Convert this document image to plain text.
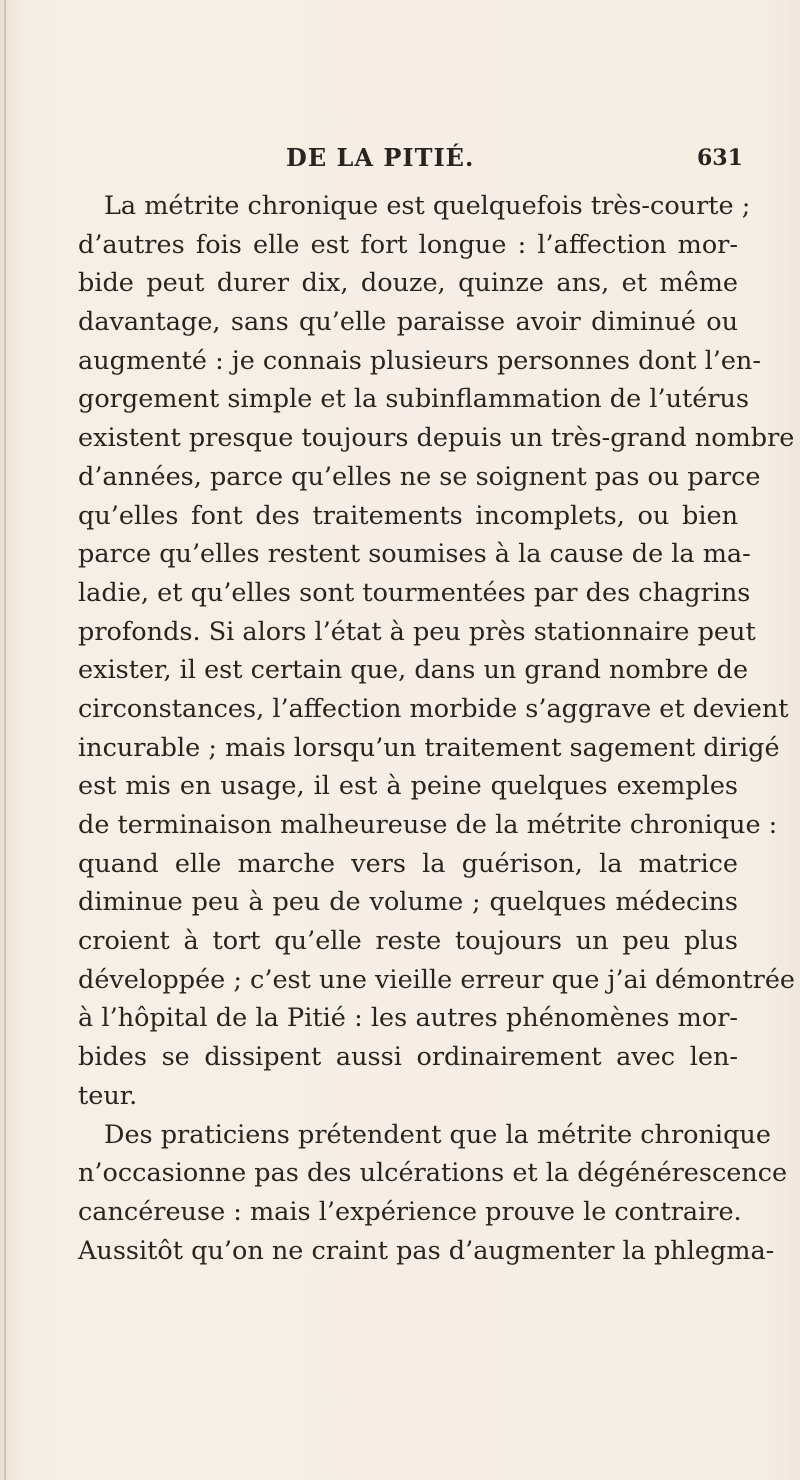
DE LA PITIÉ.	631
La métrite chronique est quelquefois très-courte ;
d’autres fois elle est fort longue : l’affection mor-
bide peut durer dix, douze, quinze ans, et même
davantage, sans qu’elle paraisse avoir diminué ou
augmenté : je connais plusieurs personnes dont l’en-
gorgement simple et la subinflammation de l’utérus
existent presque toujours depuis un très-grand nombre
d’années, parce qu’elles ne se soignent pas ou parce
qu’elles font des traitements incomplets, ou bien
parce qu’elles restent soumises à la cause de la ma-
ladie, et qu’elles sont tourmentées par des chagrins
profonds. Si alors l’état à peu près stationnaire peut
exister, il est certain que, dans un grand nombre de
circonstances, l’affection morbide s’aggrave et devient
incurable ; mais lorsqu’un traitement sagement dirigé
est mis en usage, il est à peine quelques exemples
de terminaison malheureuse de la métrite chronique :
quand elle marche vers la guérison, la matrice
diminue peu à peu de volume ; quelques médecins
croient à tort qu’elle reste toujours un peu plus
développée ; c’est une vieille erreur que j’ai démontrée
à l’hôpital de la Pitié : les autres phénomènes mor-
bides se dissipent aussi ordinairement avec len-
teur.
Des praticiens prétendent que la métrite chronique
n’occasionne pas des ulcérations et la dégénérescence
cancéreuse : mais l’expérience prouve le contraire.
Aussitôt qu’on ne craint pas d’augmenter la phlegma-
